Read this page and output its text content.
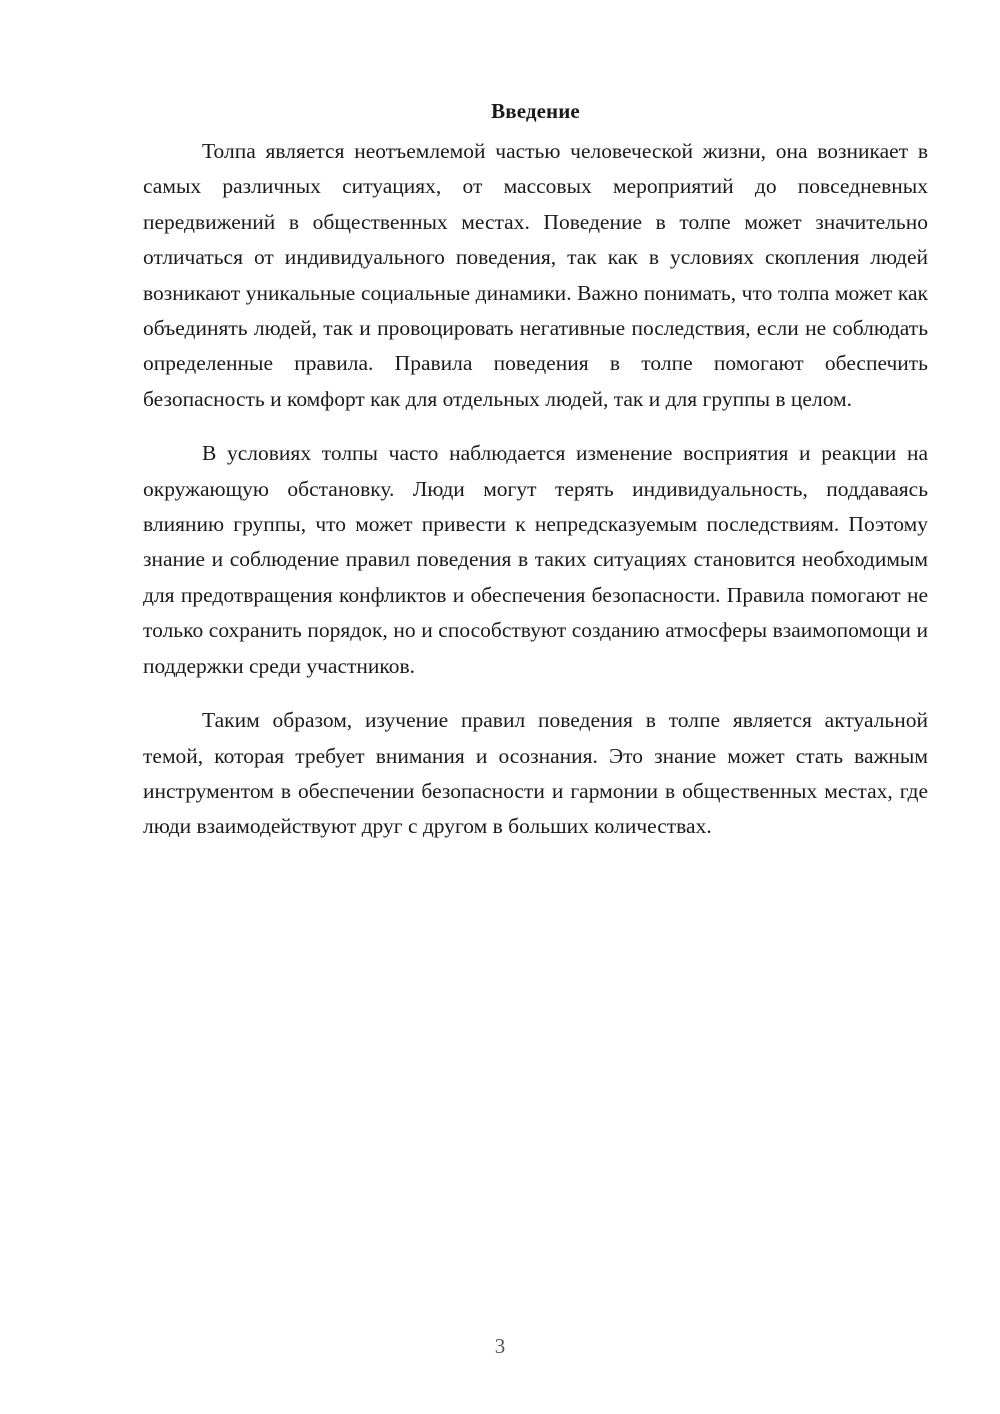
Введение

Толпа является неотъемлемой частью человеческой жизни, она возникает в самых различных ситуациях, от массовых мероприятий до повседневных передвижений в общественных местах. Поведение в толпе может значительно отличаться от индивидуального поведения, так как в условиях скопления людей возникают уникальные социальные динамики. Важно понимать, что толпа может как объединять людей, так и провоцировать негативные последствия, если не соблюдать определенные правила. Правила поведения в толпе помогают обеспечить безопасность и комфорт как для отдельных людей, так и для группы в целом.

В условиях толпы часто наблюдается изменение восприятия и реакции на окружающую обстановку. Люди могут терять индивидуальность, поддаваясь влиянию группы, что может привести к непредсказуемым последствиям. Поэтому знание и соблюдение правил поведения в таких ситуациях становится необходимым для предотвращения конфликтов и обеспечения безопасности. Правила помогают не только сохранить порядок, но и способствуют созданию атмосферы взаимопомощи и поддержки среди участников.

Таким образом, изучение правил поведения в толпе является актуальной темой, которая требует внимания и осознания. Это знание может стать важным инструментом в обеспечении безопасности и гармонии в общественных местах, где люди взаимодействуют друг с другом в больших количествах.

3
